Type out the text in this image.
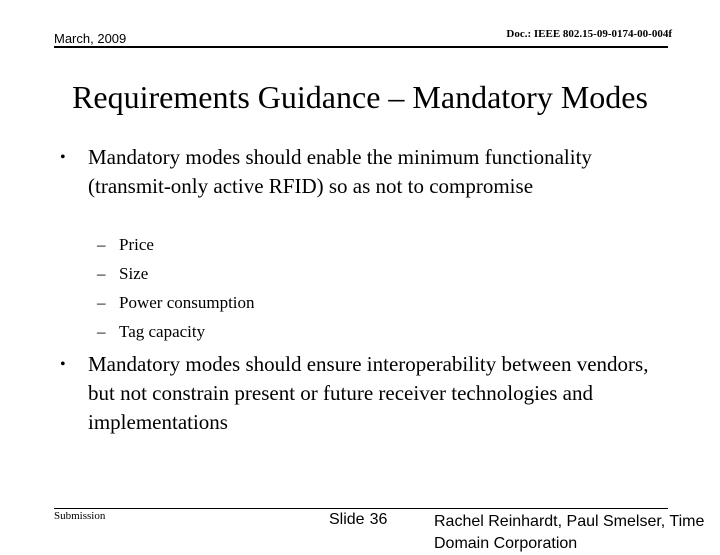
March, 2009	Doc.: IEEE 802.15-09-0174-00-004f
Requirements Guidance – Mandatory Modes
• Mandatory modes should enable the minimum functionality (transmit-only active RFID) so as not to compromise
– Price
– Size
– Power consumption
– Tag capacity
• Mandatory modes should ensure interoperability between vendors, but not constrain present or future receiver technologies and implementations
Submission	Slide 36	Rachel Reinhardt, Paul Smelser, Time Domain Corporation
